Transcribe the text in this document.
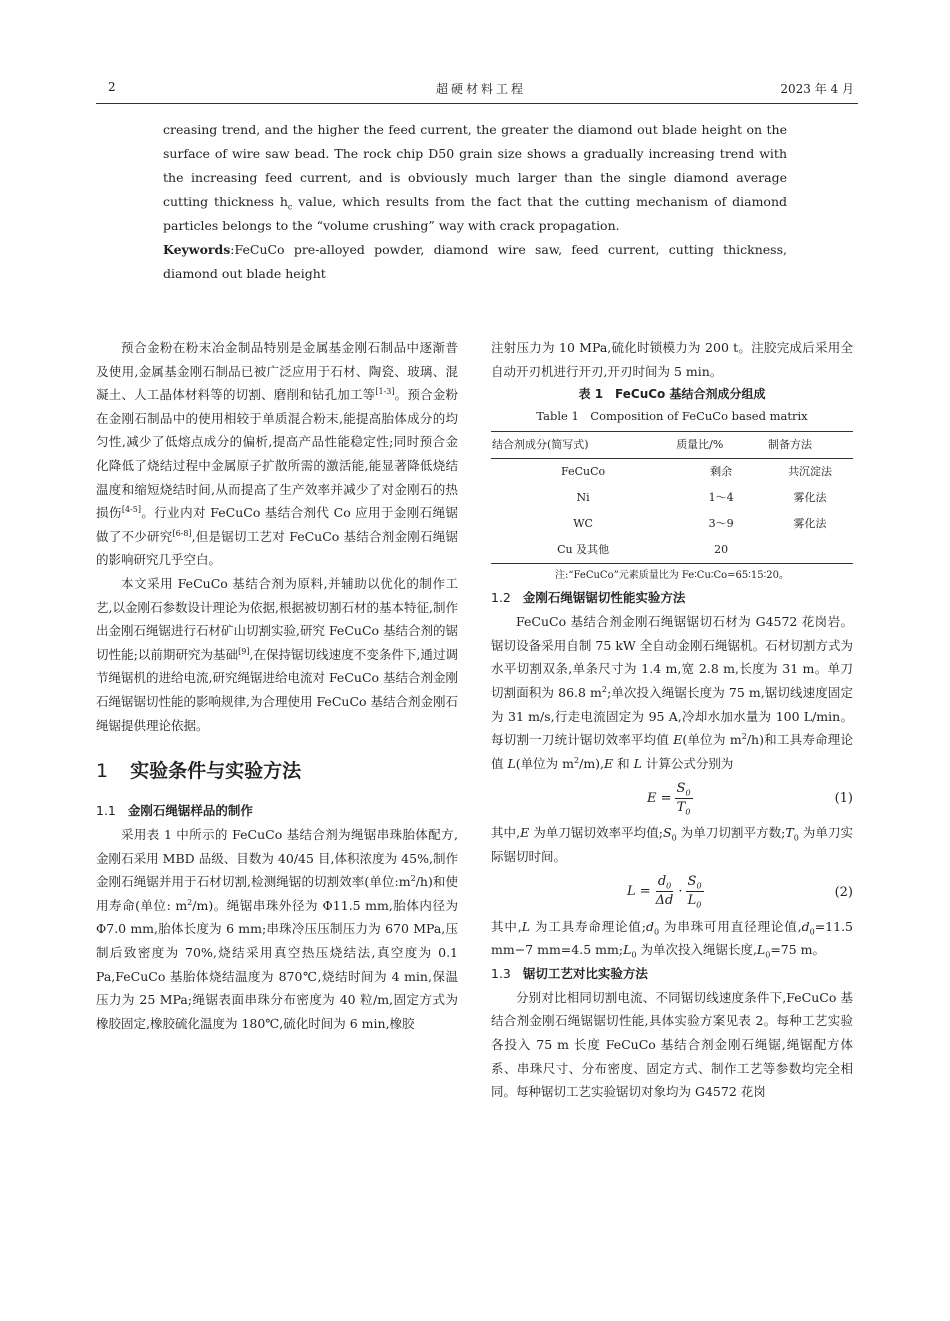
2	超硬材料工程	2023 年 4 月

creasing trend, and the higher the feed current, the greater the diamond out blade height on the surface of wire saw bead. The rock chip D50 grain size shows a gradually increasing trend with the increasing feed current, and is obviously much larger than the single diamond average cutting thickness $h_c$ value, which results from the fact that the cutting mechanism of diamond particles belongs to the “volume crushing” way with crack propagation.

Keywords:FeCuCo pre-alloyed powder, diamond wire saw, feed current, cutting thickness, diamond out blade height

预合金粉在粉末冶金制品特别是金属基金刚石制品中逐渐普及使用,金属基金刚石制品已被广泛应用于石材、陶瓷、玻璃、混凝土、人工晶体材料等的切割、磨削和钻孔加工等[1-3]。预合金粉在金刚石制品中的使用相较于单质混合粉末,能提高胎体成分的均匀性,减少了低熔点成分的偏析,提高产品性能稳定性;同时预合金化降低了烧结过程中金属原子扩散所需的激活能,能显著降低烧结温度和缩短烧结时间,从而提高了生产效率并减少了对金刚石的热损伤[4-5]。行业内对 FeCuCo 基结合剂代 Co 应用于金刚石绳锯做了不少研究[6-8],但是锯切工艺对 FeCuCo 基结合剂金刚石绳锯的影响研究几乎空白。

本文采用 FeCuCo 基结合剂为原料,并辅助以优化的制作工艺,以金刚石参数设计理论为依据,根据被切割石材的基本特征,制作出金刚石绳锯进行石材矿山切割实验,研究 FeCuCo 基结合剂的锯切性能;以前期研究为基础[9],在保持锯切线速度不变条件下,通过调节绳锯机的进给电流,研究绳锯进给电流对 FeCuCo 基结合剂金刚石绳锯锯切性能的影响规律,为合理使用 FeCuCo 基结合剂金刚石绳锯提供理论依据。

1 实验条件与实验方法
1.1 金刚石绳锯样品的制作

采用表 1 中所示的 FeCuCo 基结合剂为绳锯串珠胎体配方,金刚石采用 MBD 品级、目数为 40/45 目,体积浓度为 45%,制作金刚石绳锯并用于石材切割,检测绳锯的切割效率(单位$:m^2/h$)和使用寿命(单位: $m^2/m$)。绳锯串珠外径为 Φ11.5 mm,胎体内径为 Φ7.0 mm,胎体长度为 6 mm;串珠冷压压制压力为 670 MPa,压制后致密度为 70%,烧结采用真空热压烧结法,真空度为 0.1 Pa,FeCuCo 基胎体烧结温度为 870℃,烧结时间为 4 min,保温压力为 25 MPa;绳锯表面串珠分布密度为 40 粒/m,固定方式为橡胶固定,橡胶硫化温度为 180℃,硫化时间为 6 min,橡胶

注射压力为 10 MPa,硫化时锁模力为 200 t。注胶完成后采用全自动开刃机进行开刃,开刃时间为 5 min。

表 1　FeCuCo 基结合剂成分组成
Table 1　Composition of FeCuCo based matrix
结合剂成分(简写式)	质量比/%	制备方法
FeCuCo	剩余	共沉淀法
Ni	1～4	雾化法
WC	3～9	雾化法
Cu 及其他	20	
注:“FeCuCo”元素质量比为 Fe∶Cu∶Co=65∶15∶20。
1.2 金刚石绳锯锯切性能实验方法

FeCuCo 基结合剂金刚石绳锯锯切石材为 G4572 花岗岩。锯切设备采用自制 75 kW 全自动金刚石绳锯机。石材切割方式为水平切割双条,单条尺寸为 1.4 m,宽 2.8 m,长度为 31 m。单刀切割面积为 86.8 $m^2$;单次投入绳锯长度为 75 m,锯切线速度固定为 31 m/s,行走电流固定为 95 A,冷却水加水量为 100 L/min。每切割一刀统计锯切效率平均值 E(单位为 $m^2/h$)和工具寿命理论值 L(单位为 $m^2/m),E$ 和 L 计算公式分别为

$E = \frac{S_0}{T_0}$	(1)

其中,E 为单刀锯切效率平均值$;S_0$ 为单刀切割平方数$;T_0$ 为单刀实际锯切时间。

$L = \frac{d_0}{\Delta d} \cdot \frac{S_0}{L_0}$	(2)

其中,L 为工具寿命理论值$;d_0$ 为串珠可用直径理论值$,d_0=11.5$ mm−7 mm=4.5 $mm;L_0$ 为单次投入绳锯长度$,L_0=75$ m。

1.3 锯切工艺对比实验方法

分别对比相同切割电流、不同锯切线速度条件下,FeCuCo 基结合剂金刚石绳锯锯切性能,具体实验方案见表 2。每种工艺实验各投入 75 m 长度 FeCuCo 基结合剂金刚石绳锯,绳锯配方体系、串珠尺寸、分布密度、固定方式、制作工艺等参数均完全相同。每种锯切工艺实验锯切对象均为 G4572 花岗
